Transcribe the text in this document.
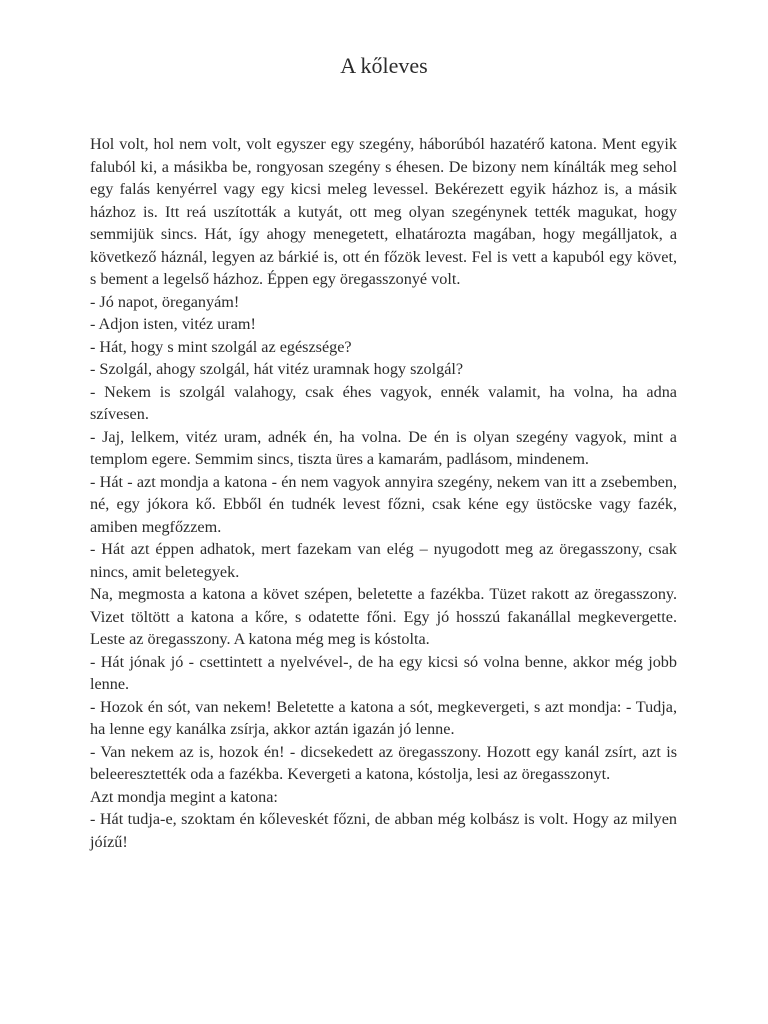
A kőleves

Hol volt, hol nem volt, volt egyszer egy szegény, háborúból hazatérő katona. Ment egyik faluból ki, a másikba be, rongyosan szegény s éhesen. De bizony nem kínálták meg sehol egy falás kenyérrel vagy egy kicsi meleg levessel. Bekérezett egyik házhoz is, a másik házhoz is. Itt reá uszították a kutyát, ott meg olyan szegénynek tették magukat, hogy semmijük sincs. Hát, így ahogy menegetett, elhatározta magában, hogy megálljatok, a következő háznál, legyen az bárkié is, ott én főzök levest. Fel is vett a kapuból egy követ, s bement a legelső házhoz. Éppen egy öregasszonyé volt.

- Jó napot, öreganyám!

- Adjon isten, vitéz uram!

- Hát, hogy s mint szolgál az egészsége?

- Szolgál, ahogy szolgál, hát vitéz uramnak hogy szolgál?

- Nekem is szolgál valahogy, csak éhes vagyok, ennék valamit, ha volna, ha adna szívesen.

- Jaj, lelkem, vitéz uram, adnék én, ha volna. De én is olyan szegény vagyok, mint a templom egere. Semmim sincs, tiszta üres a kamarám, padlásom, mindenem.

- Hát - azt mondja a katona - én nem vagyok annyira szegény, nekem van itt a zsebemben, né, egy jókora kő. Ebből én tudnék levest főzni, csak kéne egy üstöcske vagy fazék, amiben megfőzzem.

- Hát azt éppen adhatok, mert fazekam van elég – nyugodott meg az öregasszony, csak nincs, amit beletegyek.

Na, megmosta a katona a követ szépen, beletette a fazékba. Tüzet rakott az öregasszony. Vizet töltött a katona a kőre, s odatette főni. Egy jó hosszú fakanállal megkevergette. Leste az öregasszony. A katona még meg is kóstolta.

- Hát jónak jó - csettintett a nyelvével-, de ha egy kicsi só volna benne, akkor még jobb lenne.

- Hozok én sót, van nekem! Beletette a katona a sót, megkevergeti, s azt mondja: - Tudja, ha lenne egy kanálka zsírja, akkor aztán igazán jó lenne.

- Van nekem az is, hozok én! - dicsekedett az öregasszony. Hozott egy kanál zsírt, azt is beleeresztették oda a fazékba. Kevergeti a katona, kóstolja, lesi az öregasszonyt.

Azt mondja megint a katona:

- Hát tudja-e, szoktam én kőleveskét főzni, de abban még kolbász is volt. Hogy az milyen jóízű!
